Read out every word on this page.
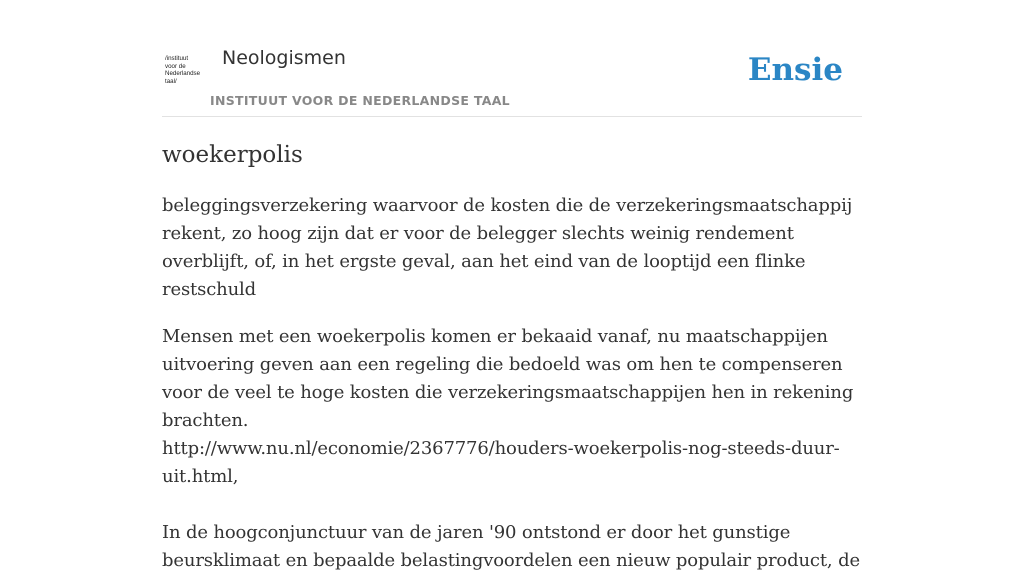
/instituut
voor de
Nederlandse
taal/
Neologismen
INSTITUUT VOOR DE NEDERLANDSE TAAL
Ensie
woekerpolis

beleggingsverzekering waarvoor de kosten die de verzekeringsmaatschappij rekent, zo hoog zijn dat er voor de belegger slechts weinig rendement overblijft, of, in het ergste geval, aan het eind van de looptijd een flinke restschuld

Mensen met een woekerpolis komen er bekaaid vanaf, nu maatschappijen uitvoering geven aan een regeling die bedoeld was om hen te compenseren voor de veel te hoge kosten die verzekeringsmaatschappijen hen in rekening brachten.
http://www.nu.nl/economie/2367776/houders-woekerpolis-nog-steeds-duur-uit.html,
In de hoogconjunctuur van de jaren '90 ontstond er door het gunstige beursklimaat en bepaalde belastingvoordelen een nieuw populair product, de
